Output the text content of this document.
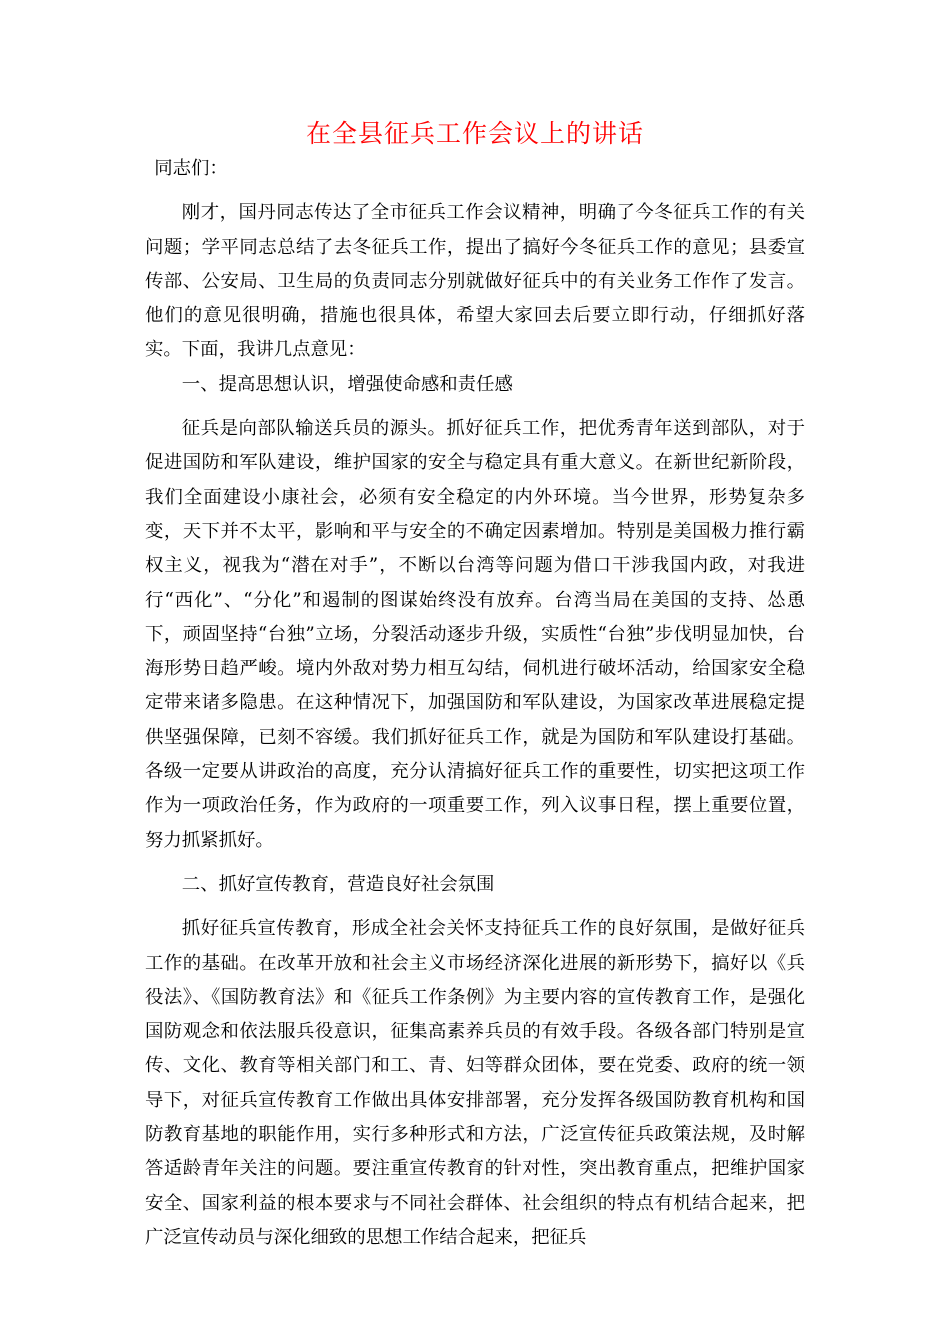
在全县征兵工作会议上的讲话

同志们：

刚才，国丹同志传达了全市征兵工作会议精神，明确了今冬征兵工作的有关问题；学平同志总结了去冬征兵工作，提出了搞好今冬征兵工作的意见；县委宣传部、公安局、卫生局的负责同志分别就做好征兵中的有关业务工作作了发言。他们的意见很明确，措施也很具体，希望大家回去后要立即行动，仔细抓好落实。下面，我讲几点意见：

一、提高思想认识，增强使命感和责任感

征兵是向部队输送兵员的源头。抓好征兵工作，把优秀青年送到部队，对于促进国防和军队建设，维护国家的安全与稳定具有重大意义。在新世纪新阶段，我们全面建设小康社会，必须有安全稳定的内外环境。当今世界，形势复杂多变，天下并不太平，影响和平与安全的不确定因素增加。特别是美国极力推行霸权主义，视我为“潜在对手”，不断以台湾等问题为借口干涉我国内政，对我进行“西化”、“分化”和遏制的图谋始终没有放弃。台湾当局在美国的支持、怂恿下，顽固坚持“台独”立场，分裂活动逐步升级，实质性“台独”步伐明显加快，台海形势日趋严峻。境内外敌对势力相互勾结，伺机进行破坏活动，给国家安全稳定带来诸多隐患。在这种情况下，加强国防和军队建设，为国家改革进展稳定提供坚强保障，已刻不容缓。我们抓好征兵工作，就是为国防和军队建设打基础。各级一定要从讲政治的高度，充分认清搞好征兵工作的重要性，切实把这项工作作为一项政治任务，作为政府的一项重要工作，列入议事日程，摆上重要位置，努力抓紧抓好。

二、抓好宣传教育，营造良好社会氛围

抓好征兵宣传教育，形成全社会关怀支持征兵工作的良好氛围，是做好征兵工作的基础。在改革开放和社会主义市场经济深化进展的新形势下，搞好以《兵役法》、《国防教育法》和《征兵工作条例》为主要内容的宣传教育工作，是强化国防观念和依法服兵役意识，征集高素养兵员的有效手段。各级各部门特别是宣传、文化、教育等相关部门和工、青、妇等群众团体，要在党委、政府的统一领导下，对征兵宣传教育工作做出具体安排部署，充分发挥各级国防教育机构和国防教育基地的职能作用，实行多种形式和方法，广泛宣传征兵政策法规，及时解答适龄青年关注的问题。要注重宣传教育的针对性，突出教育重点，把维护国家安全、国家利益的根本要求与不同社会群体、社会组织的特点有机结合起来，把广泛宣传动员与深化细致的思想工作结合起来，把征兵
